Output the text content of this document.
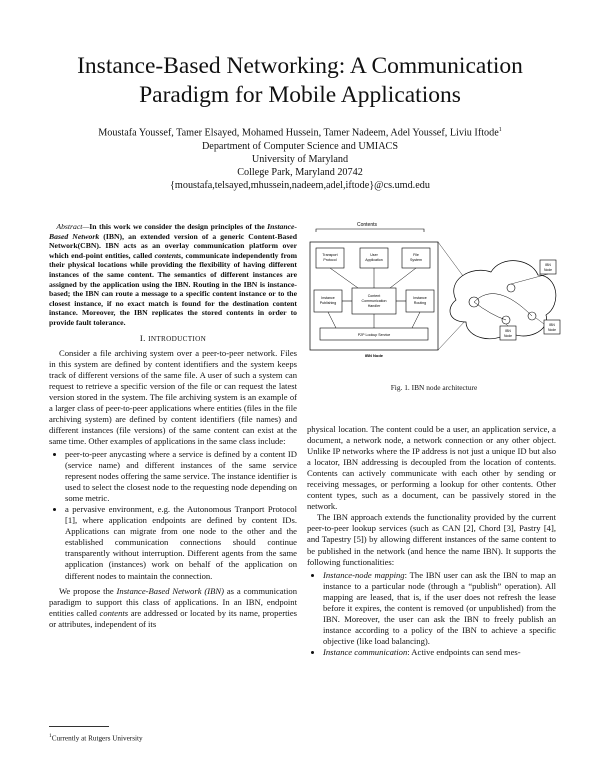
Instance-Based Networking: A Communication Paradigm for Mobile Applications
Moustafa Youssef, Tamer Elsayed, Mohamed Hussein, Tamer Nadeem, Adel Youssef, Liviu Iftode$^1$
Department of Computer Science and UMIACS
University of Maryland
College Park, Maryland 20742
{moustafa,telsayed,mhussein,nadeem,adel,iftode}@cs.umd.edu
Abstract—In this work we consider the design principles of the Instance-Based Network (IBN), an extended version of a generic Content-Based Network(CBN). IBN acts as an overlay communication platform over which end-point entities, called contents, communicate independently from their physical locations while providing the flexibility of having different instances of the same content. The semantics of different instances are assigned by the application using the IBN. Routing in the IBN is instance-based; the IBN can route a message to a specific content instance or to the closest instance, if no exact match is found for the destination content instance. Moreover, the IBN replicates the stored contents in order to provide fault tolerance.
I. INTRODUCTION

Consider a file archiving system over a peer-to-peer network. Files in this system are defined by content identifiers and the system keeps track of different versions of the same file. A user of such a system can request to retrieve a specific version of the file or can request the latest version stored in the system. The file archiving system is an example of a larger class of peer-to-peer applications where entities (files in the file archiving system) are defined by content identifiers (file names) and different instances (file versions) of the same content can exist at the same time. Other examples of applications in the same class include:

• peer-to-peer anycasting where a service is defined by a content ID (service name) and different instances of the same service represent nodes offering the same service. The instance identifier is used to select the closest node to the requesting node depending on some metric.
• a pervasive environment, e.g. the Autonomous Tranport Protocol [1], where application endpoints are defined by content IDs. Applications can migrate from one node to the other and the established communication connections should continue transparently without interruption. Different agents from the same application (instances) work on behalf of the application on different nodes to maintain the connection.

We propose the Instance-Based Network (IBN) as a communication paradigm to support this class of applications. In an IBN, endpoint entities called contents are addressed or located by its name, properties or attributes, independent of its

$^1$Currently at Rutgers University
Contents
Transport
Protocol
User
Application
File
System
Instance
Publishing
Content
Communication
Handler
Instance
Routing
P2P Lookup Service
IBN Node
IBN
Node
IBN
Node
IBN
Node
Fig. 1. IBN node architecture

physical location. The content could be a user, an application service, a document, a network node, a network connection or any other object. Unlike IP networks where the IP address is not just a unique ID but also a locator, IBN addressing is decoupled from the location of contents. Contents can actively communicate with each other by sending or receiving messages, or performing a lookup for other contents. Other content types, such as a document, can be passively stored in the network.

The IBN approach extends the functionality provided by the current peer-to-peer lookup services (such as CAN [2], Chord [3], Pastry [4], and Tapestry [5]) by allowing different instances of the same content to be published in the network (and hence the name IBN). It supports the following functionalities:

• Instance-node mapping: The IBN user can ask the IBN to map an instance to a particular node (through a “publish” operation). All mapping are leased, that is, if the user does not refresh the lease before it expires, the content is removed (or unpublished) from the IBN. Moreover, the user can ask the IBN to freely publish an instance according to a policy of the IBN to achieve a specific objective (like load balancing).
• Instance communication: Active endpoints can send mes-
